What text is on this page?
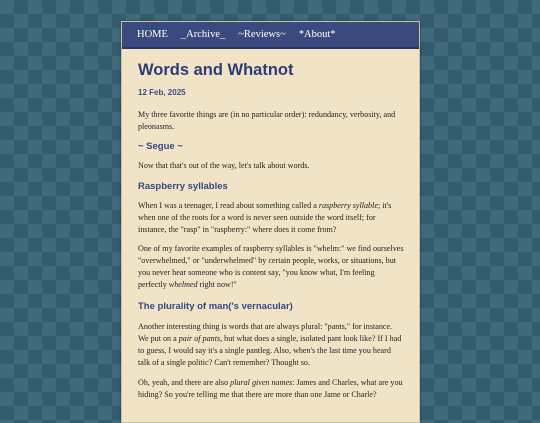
HOME _Archive_ ~Reviews~ *About*
Words and Whatnot
12 Feb, 2025

My three favorite things are (in no particular order): redundancy, verbosity, and pleonasms.

~ Segue ~

Now that that's out of the way, let's talk about words.

Raspberry syllables

When I was a teenager, I read about something called a raspberry syllable; it's when one of the roots for a word is never seen outside the word itself; for instance, the "rasp" in "raspberry:" where does it come from?

One of my favorite examples of raspberry syllables is "whelm:" we find ourselves "overwhelmed," or "underwhelmed" by certain people, works, or situations, but you never hear someone who is content say, "you know what, I'm feeling perfectly whelmed right now!"

The plurality of man('s vernacular)

Another interesting thing is words that are always plural: "pants," for instance. We put on a pair of pants, but what does a single, isolated pant look like? If I had to guess, I would say it's a single pantleg. Also, when's the last time you heard talk of a single politic? Can't remember? Thought so.

Oh, yeah, and there are also plural given names: James and Charles, what are you hiding? So you're telling me that there are more than one Jame or Charle?
